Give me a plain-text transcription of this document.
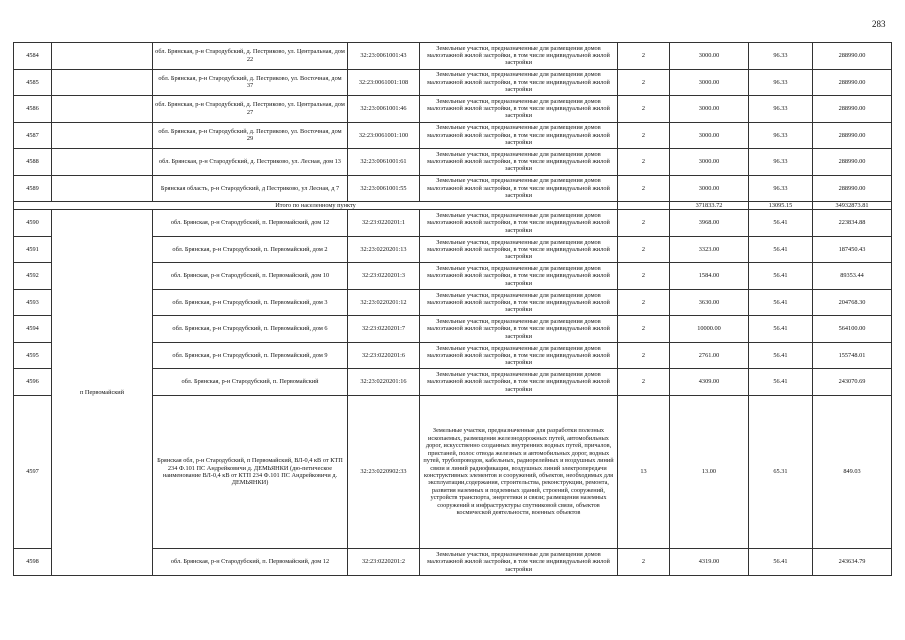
283
4584		обл. Брянская, р-н Стародубский, д. Пестриково, ул. Центральная, дом 22	32:23:0061001:43	Земельные участки, предназначенные для размещения домов малоэтажной жилой застройки, в том числе индивидуальной жилой застройки	2	3000.00	96.33	288990.00
4585		обл. Брянская, р-н Стародубский, д. Пестриково, ул. Восточная, дом 37	32:23:0061001:108	Земельные участки, предназначенные для размещения домов малоэтажной жилой застройки, в том числе индивидуальной жилой застройки	2	3000.00	96.33	288990.00
4586		обл. Брянская, р-н Стародубский, д. Пестриково, ул. Центральная, дом 27	32:23:0061001:46	Земельные участки, предназначенные для размещения домов малоэтажной жилой застройки, в том числе индивидуальной жилой застройки	2	3000.00	96.33	288990.00
4587		обл. Брянская, р-н Стародубский, д. Пестриково, ул. Восточная, дом 29	32:23:0061001:100	Земельные участки, предназначенные для размещения домов малоэтажной жилой застройки, в том числе индивидуальной жилой застройки	2	3000.00	96.33	288990.00
4588		обл. Брянская, р-н Стародубский, д. Пестриково, ул. Лесная, дом 13	32:23:0061001:61	Земельные участки, предназначенные для размещения домов малоэтажной жилой застройки, в том числе индивидуальной жилой застройки	2	3000.00	96.33	288990.00
4589		Брянская область, р-н Стародубский, д Пестриково, ул Лесная, д 7	32:23:0061001:55	Земельные участки, предназначенные для размещения домов малоэтажной жилой застройки, в том числе индивидуальной жилой застройки	2	3000.00	96.33	288990.00
Итого по населенному пункту						371833.72	13095.15	34932873.81
4590	п Первомайский	обл. Брянская, р-н Стародубский, п. Первомайский, дом 12	32:23:0220201:1	Земельные участки, предназначенные для размещения домов малоэтажной жилой застройки, в том числе индивидуальной жилой застройки	2	3968.00	56.41	223834.88
4591		обл. Брянская, р-н Стародубский, п. Первомайский, дом 2	32:23:0220201:13	Земельные участки, предназначенные для размещения домов малоэтажной жилой застройки, в том числе индивидуальной жилой застройки	2	3323.00	56.41	187450.43
4592		обл. Брянская, р-н Стародубский, п. Первомайский, дом 10	32:23:0220201:3	Земельные участки, предназначенные для размещения домов малоэтажной жилой застройки, в том числе индивидуальной жилой застройки	2	1584.00	56.41	89353.44
4593		обл. Брянская, р-н Стародубский, п. Первомайский, дом 3	32:23:0220201:12	Земельные участки, предназначенные для размещения домов малоэтажной жилой застройки, в том числе индивидуальной жилой застройки	2	3630.00	56.41	204768.30
4594		обл. Брянская, р-н Стародубский, п. Первомайский, дом 6	32:23:0220201:7	Земельные участки, предназначенные для размещения домов малоэтажной жилой застройки, в том числе индивидуальной жилой застройки	2	10000.00	56.41	564100.00
4595		обл. Брянская, р-н Стародубский, п. Первомайский, дом 9	32:23:0220201:6	Земельные участки, предназначенные для размещения домов малоэтажной жилой застройки, в том числе индивидуальной жилой застройки	2	2761.00	56.41	155748.01
4596		обл. Брянская, р-н Стародубский, п. Первомайский	32:23:0220201:16	Земельные участки, предназначенные для размещения домов малоэтажной жилой застройки, в том числе индивидуальной жилой застройки	2	4309.00	56.41	243070.69
4597		Брянская обл, р-н Стародубский, п Первомайский, ВЛ-0,4 кВ от КТП 234 Ф.101 ПС Андрейковичи д. ДЕМЬЯНКИ (дю-петическое наименование ВЛ-0,4 кВ от КТП 234 Ф.101 ПС Андрейковичи д. ДЕМЬЯНКИ)	32:23:0220902:33	Земельные участки, предназначенные для разработки полезных ископаемых, размещения железнодорожных путей, автомобильных дорог, искусственно созданных внутренних водных путей, причалов, пристаней, полос отвода железных и автомобильных дорог, водных путей, трубопроводов, кабельных, радиорелейных и воздушных линий связи и линий радиофикации, воздушных линий электропередачи конструктивных элементов и сооружений, объектов, необходимых для эксплуатации,содержания, строительства, реконструкции, ремонта, развития наземных и подземных зданий, строений, сооружений, устройств транспорта, энергетики и связи; размещения наземных сооружений и инфраструктуры спутниковой связи, объектов космической деятельности, военных объектов	13	13.00	65.31	849.03
4598		обл. Брянская, р-н Стародубский, п. Первомайский, дом 12	32:23:0220201:2	Земельные участки, предназначенные для размещения домов малоэтажной жилой застройки, в том числе индивидуальной жилой застройки	2	4319.00	56.41	243634.79
